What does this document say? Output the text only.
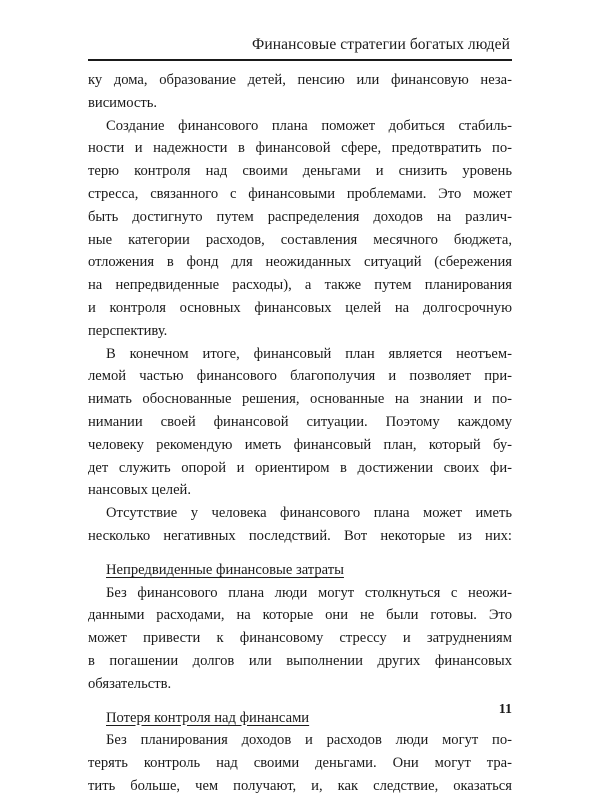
Финансовые стратегии богатых людей
ку дома, образование детей, пенсию или финансовую неза-
висимость.
Создание финансового плана поможет добиться стабиль-
ности и надежности в финансовой сфере, предотвратить по-
терю контроля над своими деньгами и снизить уровень
стресса, связанного с финансовыми проблемами. Это может
быть достигнуто путем распределения доходов на различ-
ные категории расходов, составления месячного бюджета,
отложения в фонд для неожиданных ситуаций (сбережения
на непредвиденные расходы), а также путем планирования
и контроля основных финансовых целей на долгосрочную
перспективу.
В конечном итоге, финансовый план является неотъем-
лемой частью финансового благополучия и позволяет при-
нимать обоснованные решения, основанные на знании и по-
нимании своей финансовой ситуации. Поэтому каждому
человеку рекомендую иметь финансовый план, который бу-
дет служить опорой и ориентиром в достижении своих фи-
нансовых целей.
Отсутствие у человека финансового плана может иметь
несколько негативных последствий. Вот некоторые из них:
Непредвиденные финансовые затраты
Без финансового плана люди могут столкнуться с неожи-
данными расходами, на которые они не были готовы. Это
может привести к финансовому стрессу и затруднениям
в погашении долгов или выполнении других финансовых
обязательств.
Потеря контроля над финансами
Без планирования доходов и расходов люди могут по-
терять контроль над своими деньгами. Они могут тра-
тить больше, чем получают, и, как следствие, оказаться
11
